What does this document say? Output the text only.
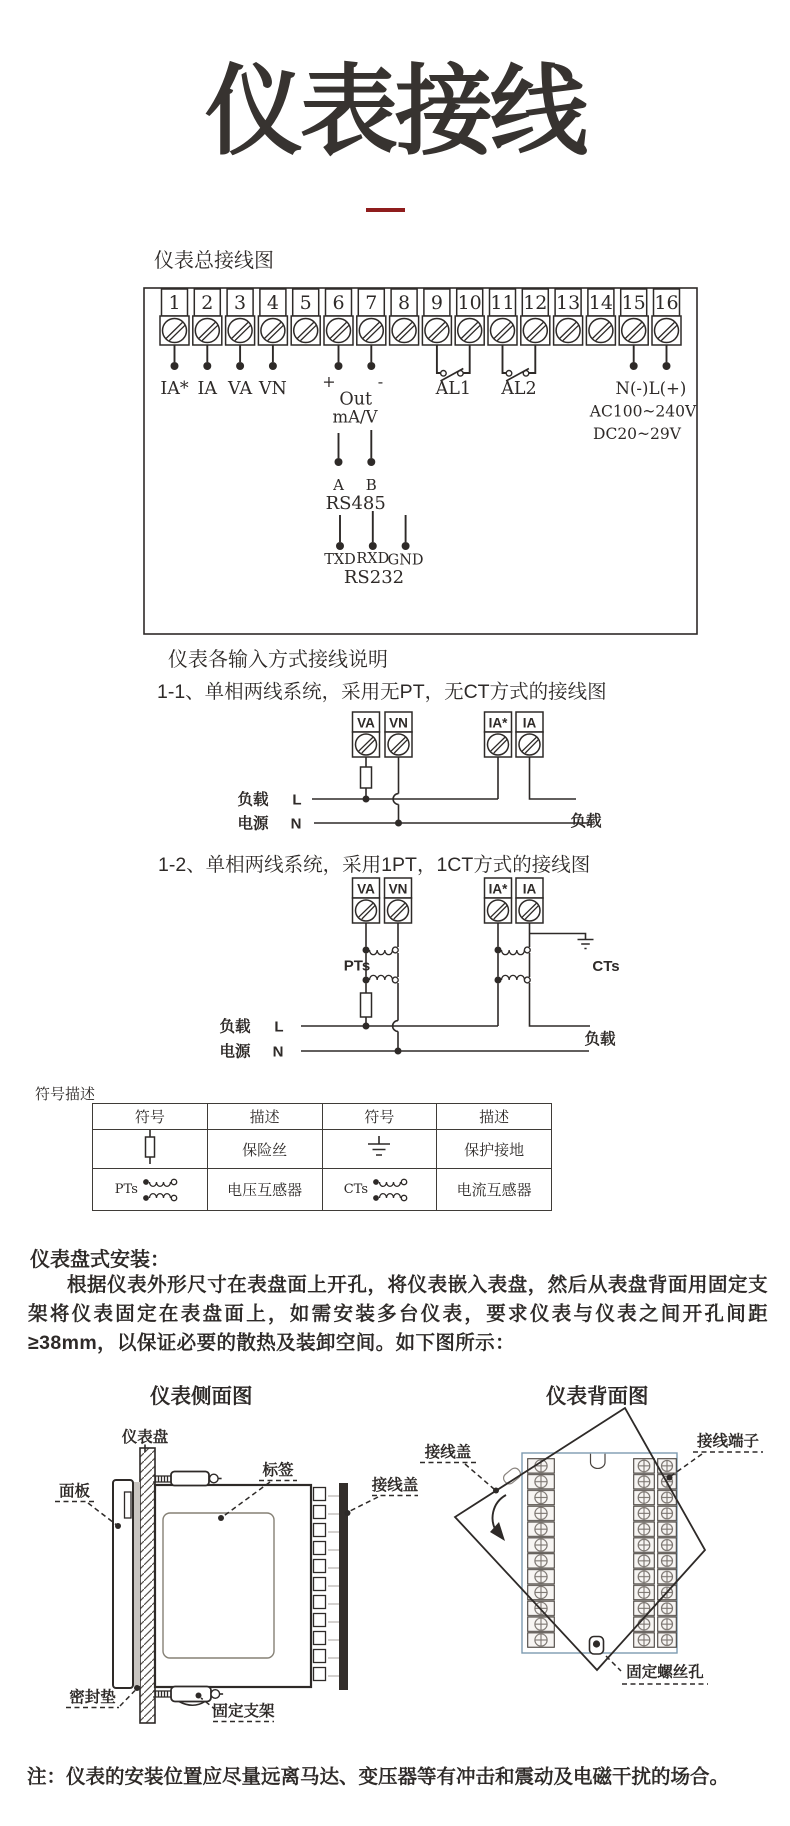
仪表接线
仪表总接线图
1 2 3 4 5 6 7 8 9 10 11 12 13 14 15 16
IA* IA VA VN +	-
Out
mA/V
AL1 AL2	N(-) L(+)
AC100~240V
DC20~29V
A B
RS485
TXD RXD
GND
RS232
仪表各输入方式接线说明
1-1、单相两线系统，采用无PT，无CT方式的接线图
VA VN	IA* IA
负载 L
电源 N	负载
1-2、单相两线系统，采用1PT，1CT方式的接线图
VA VN	IA* IA
PTs	CTs
负载 L
电源 N
负载
符号描述
符号	描述	符号	描述
	保险丝		保护接地

PTs	电压互感器	CTs	电流互感器
仪表盘式安装：

根据仪表外形尺寸在表盘面上开孔，将仪表嵌入表盘，然后从表盘背面用固定支架将仪表固定在表盘面上，如需安装多台仪表，要求仪表与仪表之间开孔间距≥38mm，以保证必要的散热及装卸空间。如下图所示：

仪表侧面图	仪表背面图
仪表盘
面板
标签
接线盖
密封垫
固定支架
接线盖
接线端子
固定螺丝孔
注：仪表的安装位置应尽量远离马达、变压器等有冲击和震动及电磁干扰的场合。
